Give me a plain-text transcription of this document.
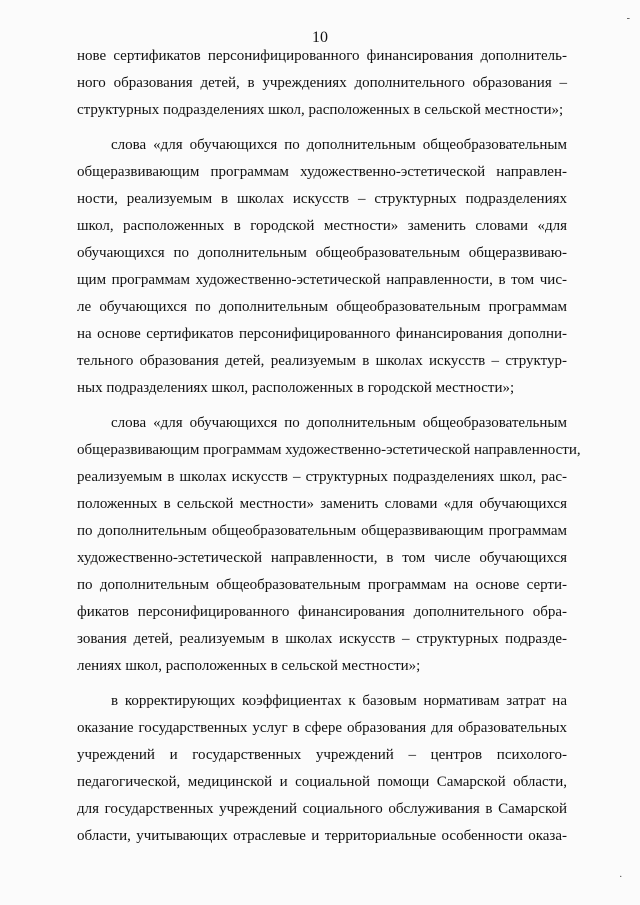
-
10
нове сертификатов персонифицированного финансирования дополнитель-
ного образования детей, в учреждениях дополнительного образования –
структурных подразделениях школ, расположенных в сельской местности»;
слова «для обучающихся по дополнительным общеобразовательным
общеразвивающим программам художественно-эстетической направлен-
ности, реализуемым в школах искусств – структурных подразделениях
школ, расположенных в городской местности» заменить словами «для
обучающихся по дополнительным общеобразовательным общеразвиваю-
щим программам художественно-эстетической направленности, в том чис-
ле обучающихся по дополнительным общеобразовательным программам
на основе сертификатов персонифицированного финансирования дополни-
тельного образования детей, реализуемым в школах искусств – структур-
ных подразделениях школ, расположенных в городской местности»;
слова «для обучающихся по дополнительным общеобразовательным
общеразвивающим программам художественно-эстетической направленности,
реализуемым в школах искусств – структурных подразделениях школ, рас-
положенных в сельской местности» заменить словами «для обучающихся
по дополнительным общеобразовательным общеразвивающим программам
художественно-эстетической направленности, в том числе обучающихся
по дополнительным общеобразовательным программам на основе серти-
фикатов персонифицированного финансирования дополнительного обра-
зования детей, реализуемым в школах искусств – структурных подразде-
лениях школ, расположенных в сельской местности»;
в корректирующих коэффициентах к базовым нормативам затрат на
оказание государственных услуг в сфере образования для образовательных
учреждений и государственных учреждений – центров психолого-
педагогической, медицинской и социальной помощи Самарской области,
для государственных учреждений социального обслуживания в Самарской
области, учитывающих отраслевые и территориальные особенности оказа-
.
